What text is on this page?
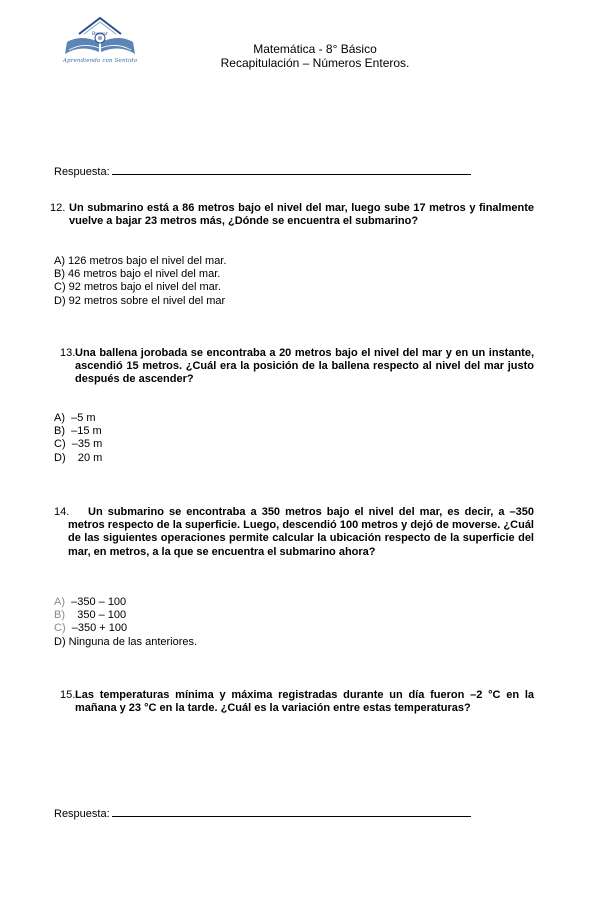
Buscar
Aprendiendo con Sentido
Matemática - 8° Básico
Recapitulación – Números Enteros.
Respuesta:
12. Un submarino está a 86 metros bajo el nivel del mar, luego sube 17 metros y finalmente vuelve a bajar 23 metros más, ¿Dónde se encuentra el submarino?
A) 126 metros bajo el nivel del mar.
B) 46 metros bajo el nivel del mar.
C) 92 metros bajo el nivel del mar.
D) 92 metros sobre el nivel del mar
13. Una ballena jorobada se encontraba a 20 metros bajo el nivel del mar y en un instante, ascendió 15 metros. ¿Cuál era la posición de la ballena respecto al nivel del mar justo después de ascender?
A)  –5 m
B)  –15 m
C)  –35 m
D)    20 m
14.	Un submarino se encontraba a 350 metros bajo el nivel del mar, es decir, a –350 metros respecto de la superficie. Luego, descendió 100 metros y dejó de moverse. ¿Cuál de las siguientes operaciones permite calcular la ubicación respecto de la superficie del mar, en metros, a la que se encuentra el submarino ahora?
A)  –350 – 100
B)    350 – 100
C)  –350 + 100
D) Ninguna de las anteriores.
15. Las temperaturas mínima y máxima registradas durante un día fueron –2 °C en la mañana y 23 °C en la tarde. ¿Cuál es la variación entre estas temperaturas?
Respuesta:
